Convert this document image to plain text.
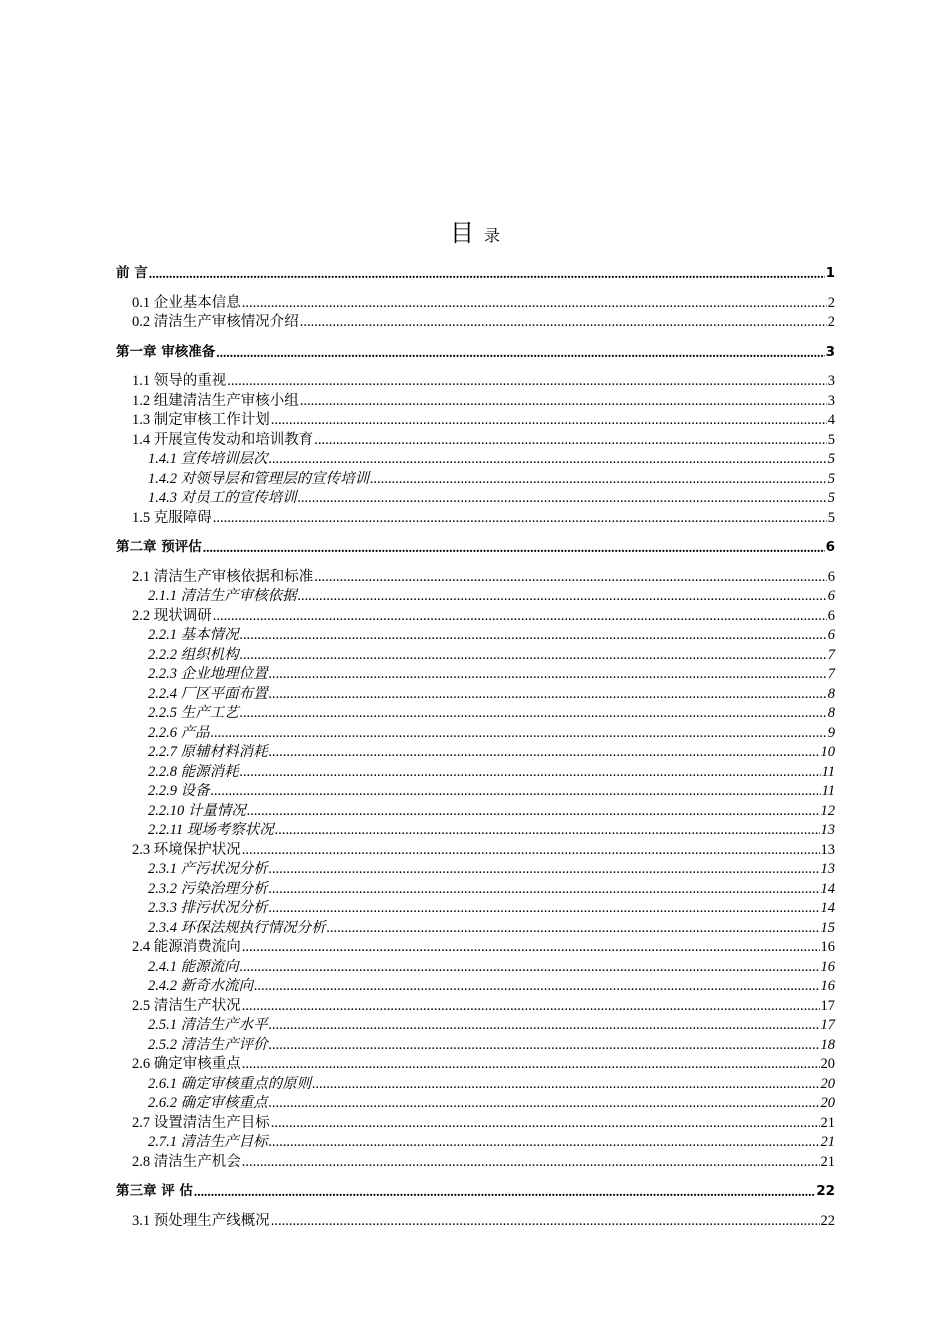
目录
前 言 .....	1
0.1 企业基本信息 .....	2
0.2 清洁生产审核情况介绍 .....	2
第一章 审核准备 .....	3
1.1 领导的重视 .....	3
1.2 组建清洁生产审核小组 .....	3
1.3 制定审核工作计划 .....	4
1.4 开展宣传发动和培训教育 .....	5
1.4.1 宣传培训层次 .....	5
1.4.2 对领导层和管理层的宣传培训 .....	5
1.4.3 对员工的宣传培训 .....	5
1.5 克服障碍 .....	5
第二章 预评估 .....	6
2.1 清洁生产审核依据和标准 .....	6
2.1.1 清洁生产审核依据 .....	6
2.2 现状调研 .....	6
2.2.1 基本情况 .....	6
2.2.2 组织机构 .....	7
2.2.3 企业地理位置 .....	7
2.2.4 厂区平面布置 .....	8
2.2.5 生产工艺 .....	8
2.2.6 产品 .....	9
2.2.7 原辅材料消耗 .....	10
2.2.8 能源消耗 .....	11
2.2.9 设备 .....	11
2.2.10 计量情况 .....	12
2.2.11 现场考察状况 .....	13
2.3 环境保护状况 .....	13
2.3.1 产污状况分析 .....	13
2.3.2 污染治理分析 .....	14
2.3.3 排污状况分析 .....	14
2.3.4 环保法规执行情况分析 .....	15
2.4 能源消费流向 .....	16
2.4.1 能源流向 .....	16
2.4.2 新奇水流向 .....	16
2.5 清洁生产状况 .....	17
2.5.1 清洁生产水平 .....	17
2.5.2 清洁生产评价 .....	18
2.6 确定审核重点 .....	20
2.6.1 确定审核重点的原则 .....	20
2.6.2 确定审核重点 .....	20
2.7 设置清洁生产目标 .....	21
2.7.1 清洁生产目标 .....	21
2.8 清洁生产机会 .....	21
第三章 评 估 .....	22
3.1 预处理生产线概况 .....	22
